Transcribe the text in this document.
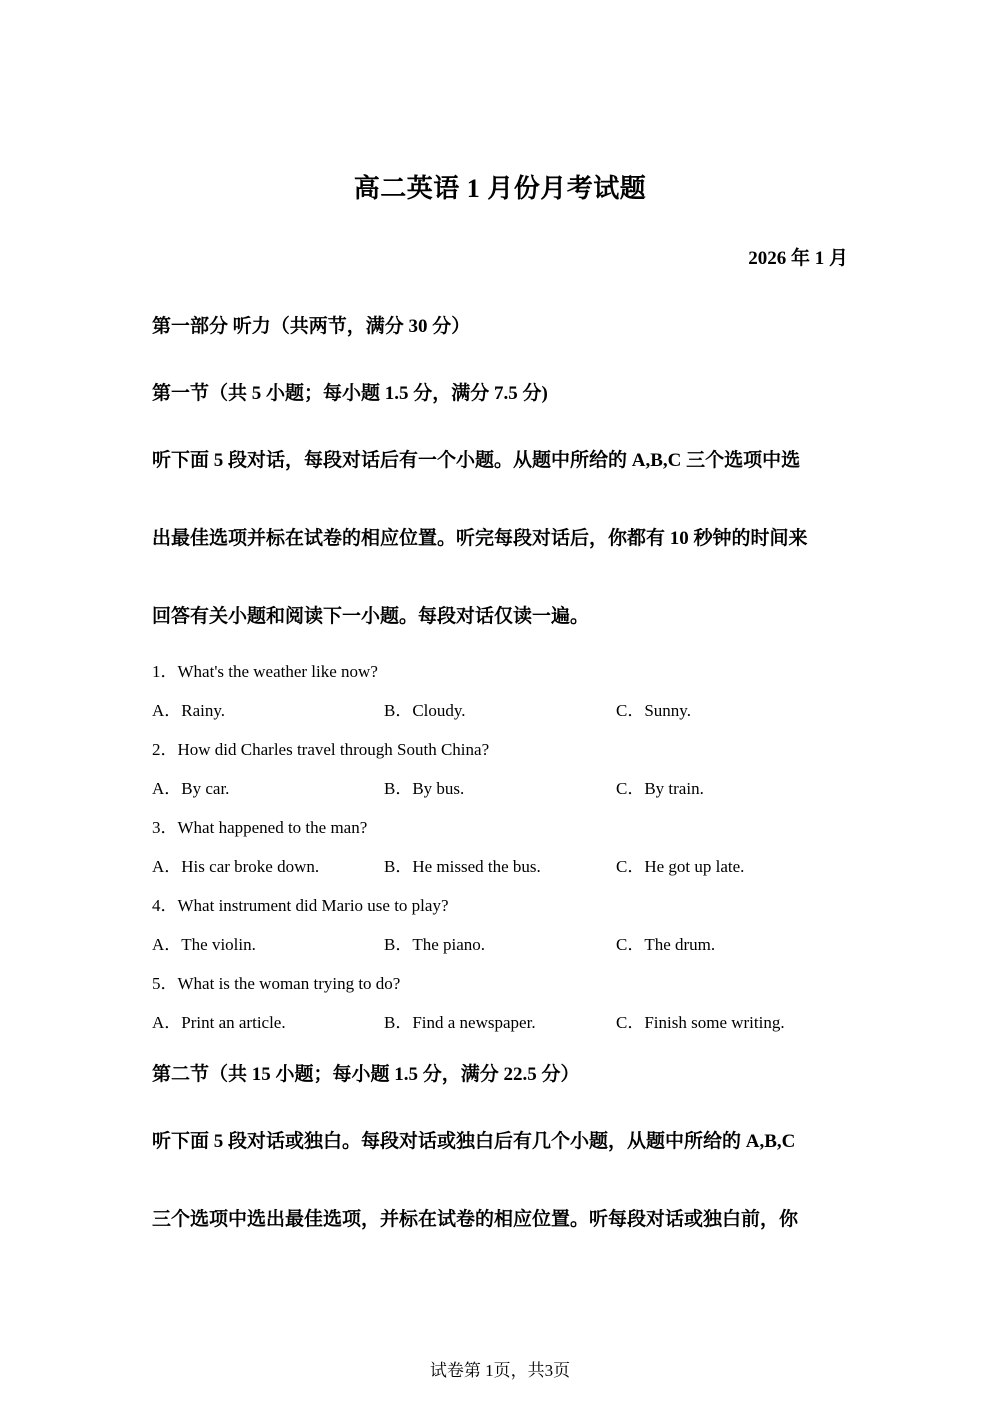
高二英语 1 月份月考试题
2026 年 1 月
第一部分 听力（共两节，满分 30 分）
第一节（共 5 小题；每小题 1.5 分，满分 7.5 分)
听下面 5 段对话，每段对话后有一个小题。从题中所给的 A,B,C 三个选项中选
出最佳选项并标在试卷的相应位置。听完每段对话后，你都有 10 秒钟的时间来
回答有关小题和阅读下一小题。每段对话仅读一遍。
1．What's the weather like now?
A．Rainy.	B．Cloudy.	C．Sunny.
2．How did Charles travel through South China?
A．By car.	B．By bus.	C．By train.
3．What happened to the man?
A．His car broke down.	B．He missed the bus.	C．He got up late.
4．What instrument did Mario use to play?
A．The violin.	B．The piano.	C．The drum.
5．What is the woman trying to do?
A．Print an article.	B．Find a newspaper.	C．Finish some writing.
第二节（共 15 小题；每小题 1.5 分，满分 22.5 分）
听下面 5 段对话或独白。每段对话或独白后有几个小题，从题中所给的 A,B,C
三个选项中选出最佳选项，并标在试卷的相应位置。听每段对话或独白前，你
试卷第 1页，共3页
